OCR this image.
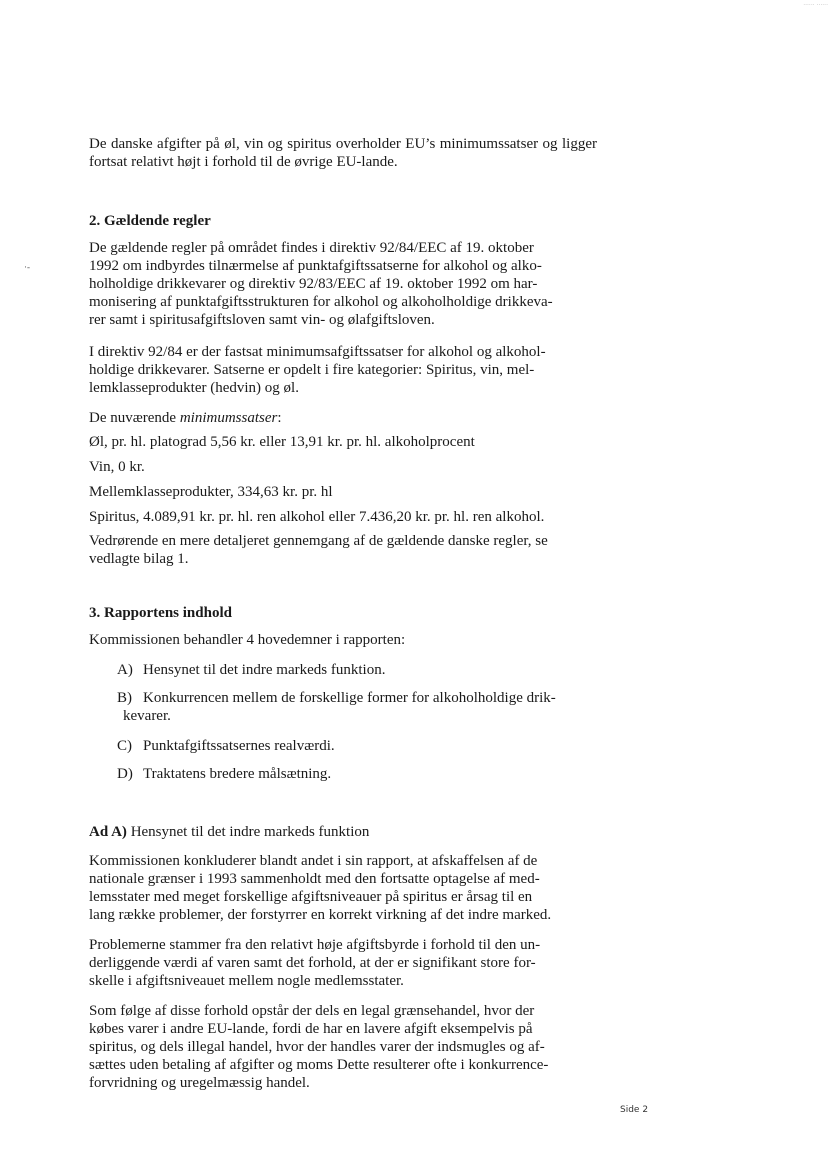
...... ......
·-

De danske afgifter på øl, vin og spiritus overholder EU’s minimumssatser og ligger fortsat relativt højt i forhold til de øvrige EU-lande.

2. Gældende regler

De gældende regler på området findes i direktiv 92/84/EEC af 19. oktober

1992 om indbyrdes tilnærmelse af punktafgiftssatserne for alkohol og alko-

holholdige drikkevarer og direktiv 92/83/EEC af 19. oktober 1992 om har-

monisering af punktafgiftsstrukturen for alkohol og alkoholholdige drikkeva-

rer samt i spiritusafgiftsloven samt vin- og ølafgiftsloven.

I direktiv 92/84 er der fastsat minimumsafgiftssatser for alkohol og alkohol-

holdige drikkevarer. Satserne er opdelt i fire kategorier: Spiritus, vin, mel-

lemklasseprodukter (hedvin) og øl.

De nuværende minimumssatser:

Øl, pr. hl. platograd 5,56 kr. eller 13,91 kr. pr. hl. alkoholprocent

Vin, 0 kr.

Mellemklasseprodukter, 334,63 kr. pr. hl

Spiritus, 4.089,91 kr. pr. hl. ren alkohol eller 7.436,20 kr. pr. hl. ren alkohol.

Vedrørende en mere detaljeret gennemgang af de gældende danske regler, se

vedlagte bilag 1.

3. Rapportens indhold

Kommissionen behandler 4 hovedemner i rapporten:

A) Hensynet til det indre markeds funktion.
B) Konkurrencen mellem de forskellige former for alkoholholdige drik-
kevarer.
C) Punktafgiftssatsernes realværdi.
D) Traktatens bredere målsætning.

Ad A) Hensynet til det indre markeds funktion

Kommissionen konkluderer blandt andet i sin rapport, at afskaffelsen af de

nationale grænser i 1993 sammenholdt med den fortsatte optagelse af med-

lemsstater med meget forskellige afgiftsniveauer på spiritus er årsag til en

lang række problemer, der forstyrrer en korrekt virkning af det indre marked.

Problemerne stammer fra den relativt høje afgiftsbyrde i forhold til den un-

derliggende værdi af varen samt det forhold, at der er signifikant store for-

skelle i afgiftsniveauet mellem nogle medlemsstater.

Som følge af disse forhold opstår der dels en legal grænsehandel, hvor der

købes varer i andre EU-lande, fordi de har en lavere afgift eksempelvis på

spiritus, og dels illegal handel, hvor der handles varer der indsmugles og af-

sættes uden betaling af afgifter og moms Dette resulterer ofte i konkurrence-

forvridning og uregelmæssig handel.

Side 2
